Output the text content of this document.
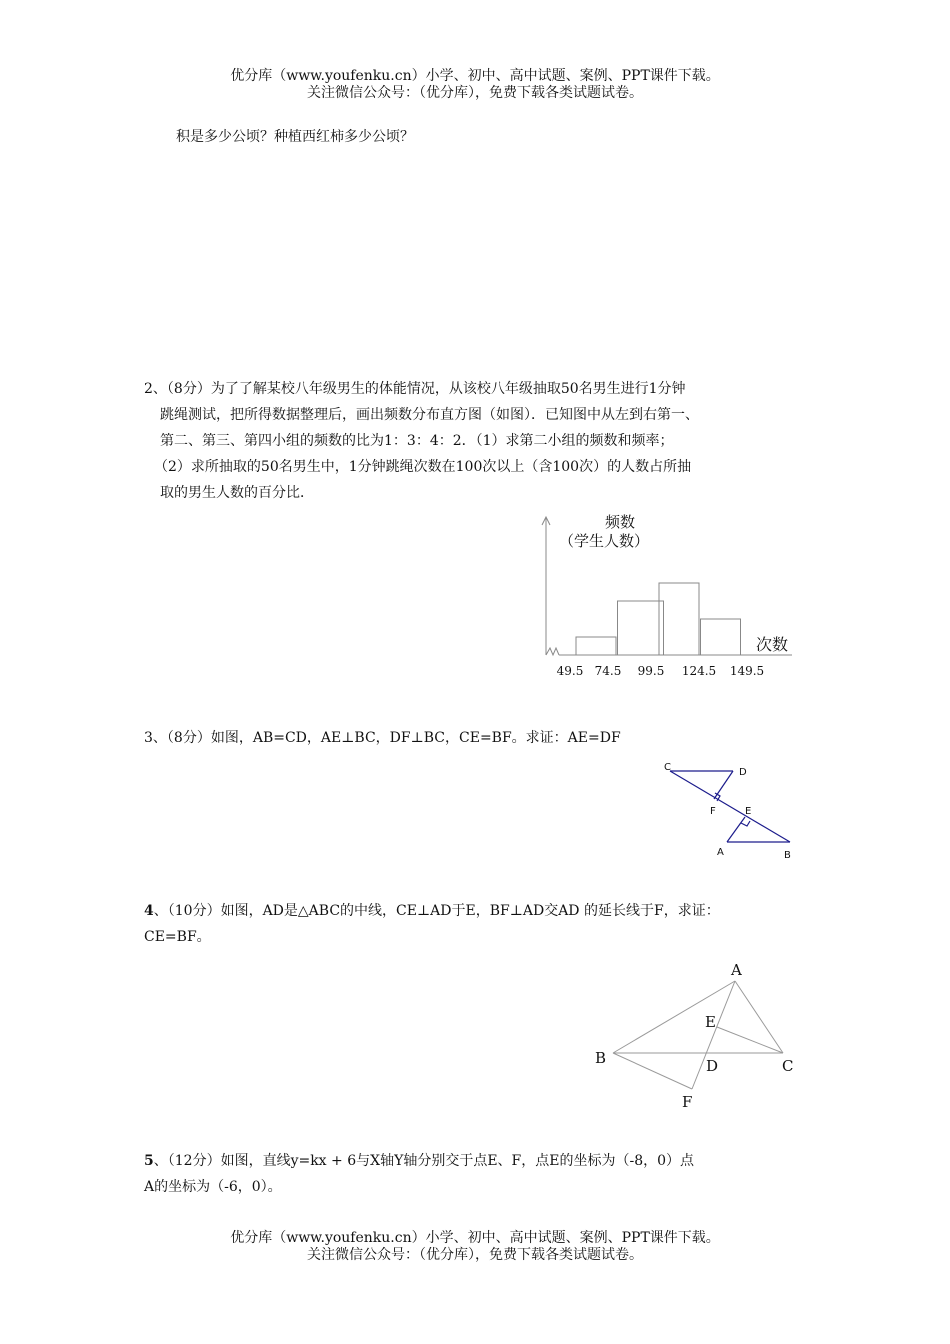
优分库（www.youfenku.cn）小学、初中、高中试题、案例、PPT课件下载。
关注微信公众号：（优分库），免费下载各类试题试卷。
积是多少公顷？种植西红柿多少公顷？
2、（8分）为了了解某校八年级男生的体能情况，从该校八年级抽取50名男生进行1分钟
跳绳测试，把所得数据整理后，画出频数分布直方图（如图）．已知图中从左到右第一、
第二、第三、第四小组的频数的比为1：3：4：2．（1）求第二小组的频数和频率；
（2）求所抽取的50名男生中，1分钟跳绳次数在100次以上（含100次）的人数占所抽
取的男生人数的百分比．
频数
（学生人数）
次数
49.5 74.5 99.5 124.5 149.5
3、（8分）如图，AB=CD，AE⊥BC，DF⊥BC，CE=BF。求证：AE=DF
C	D
F	E
A	B
4、（10分）如图，AD是△ABC的中线，CE⊥AD于E，BF⊥AD交AD 的延长线于F，求证：
CE=BF。
A
B	C
D
E
F
5、（12分）如图，直线y=kx + 6与X轴Y轴分别交于点E、F，点E的坐标为（-8，0）点
A的坐标为（-6，0）。
优分库（www.youfenku.cn）小学、初中、高中试题、案例、PPT课件下载。
关注微信公众号：（优分库），免费下载各类试题试卷。
